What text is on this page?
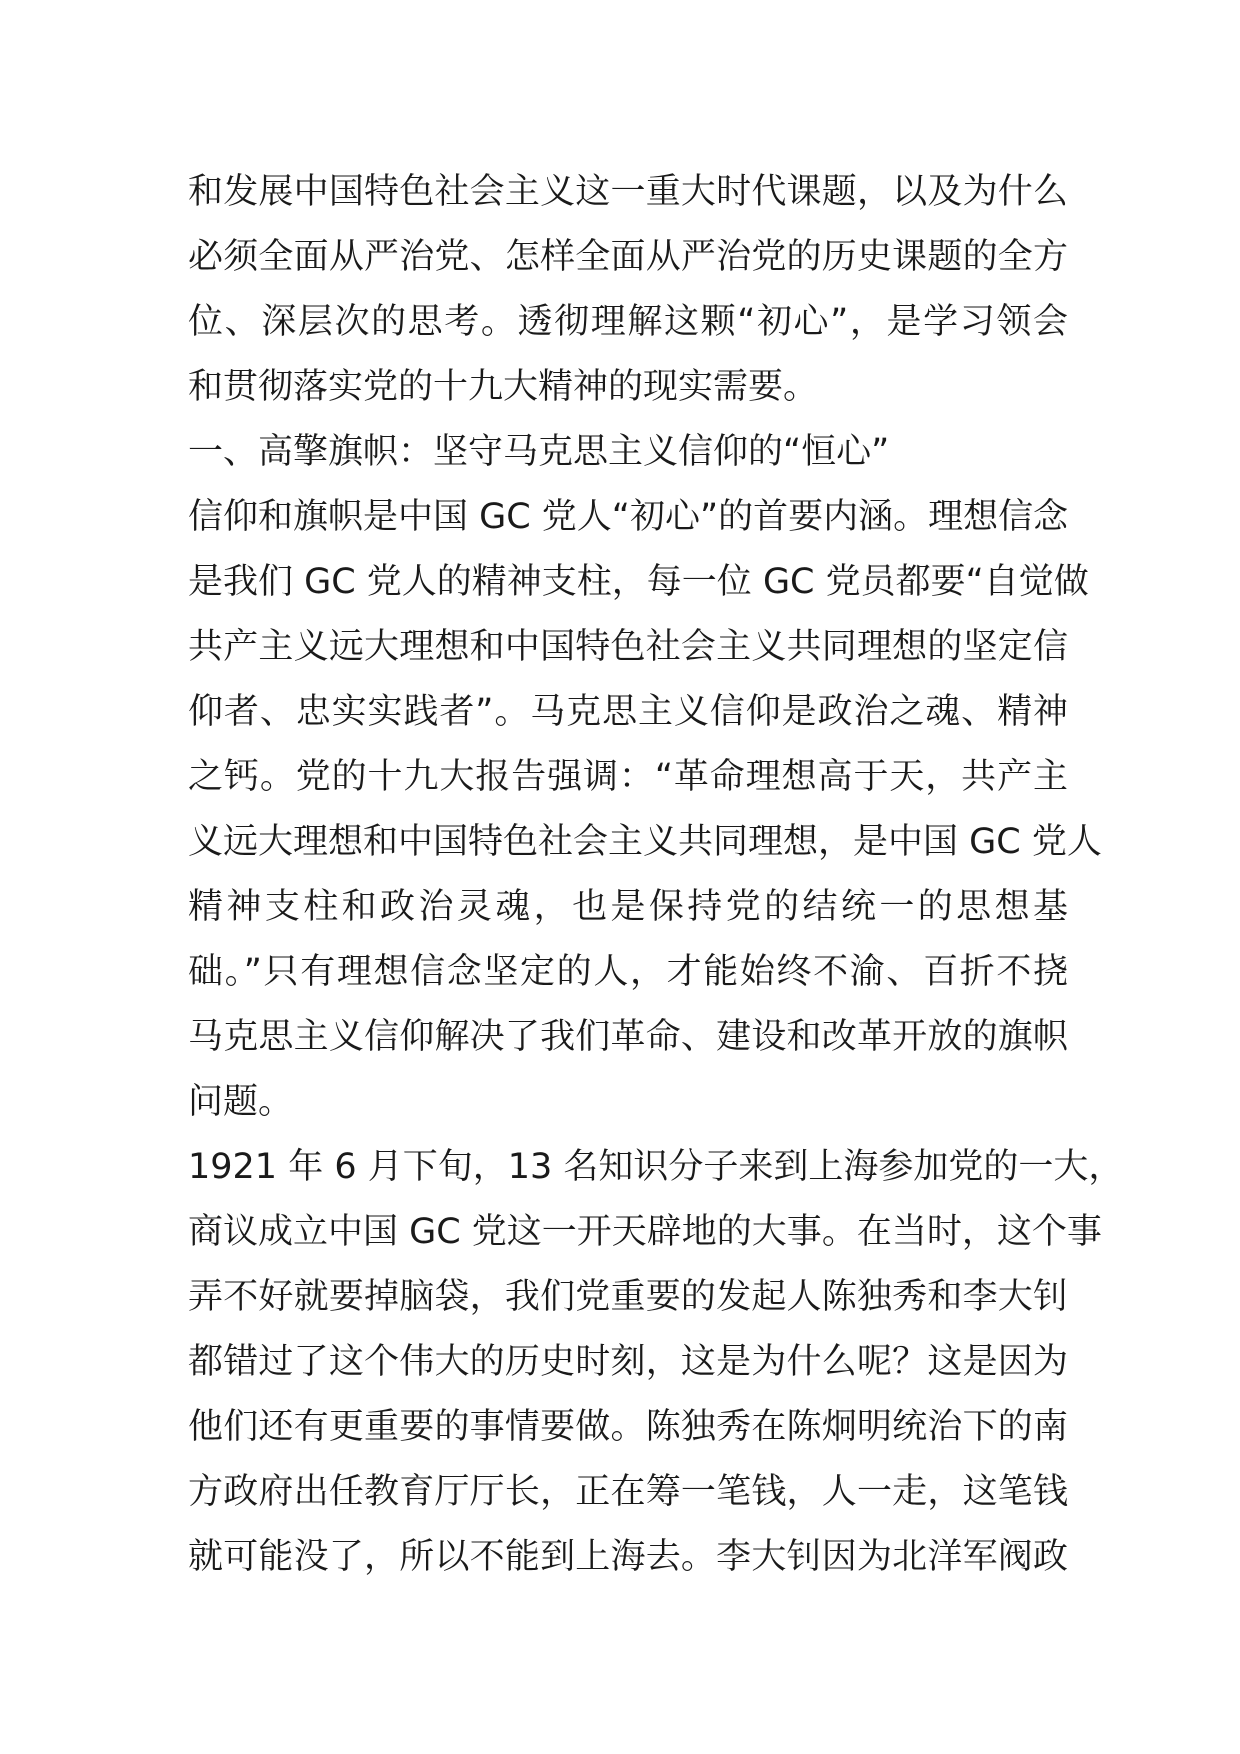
和发展中国特色社会主义这一重大时代课题，以及为什么
必须全面从严治党、怎样全面从严治党的历史课题的全方
位、深层次的思考。透彻理解这颗“初心”，是学习领会
和贯彻落实党的十九大精神的现实需要。
一、高擎旗帜：坚守马克思主义信仰的“恒心”
信仰和旗帜是中国 GC 党人“初心”的首要内涵。理想信念
是我们 GC 党人的精神支柱，每一位 GC 党员都要“自觉做
共产主义远大理想和中国特色社会主义共同理想的坚定信
仰者、忠实实践者”。马克思主义信仰是政治之魂、精神
之钙。党的十九大报告强调：“革命理想高于天，共产主
义远大理想和中国特色社会主义共同理想，是中国 GC 党人
精神支柱和政治灵魂，也是保持党的结统一的思想基
础。”只有理想信念坚定的人，才能始终不渝、百折不挠
马克思主义信仰解决了我们革命、建设和改革开放的旗帜
问题。
1921 年 6 月下旬，13 名知识分子来到上海参加党的一大，
商议成立中国 GC 党这一开天辟地的大事。在当时，这个事
弄不好就要掉脑袋，我们党重要的发起人陈独秀和李大钊
都错过了这个伟大的历史时刻，这是为什么呢？这是因为
他们还有更重要的事情要做。陈独秀在陈炯明统治下的南
方政府出任教育厅厅长，正在筹一笔钱，人一走，这笔钱
就可能没了，所以不能到上海去。李大钊因为北洋军阀政
